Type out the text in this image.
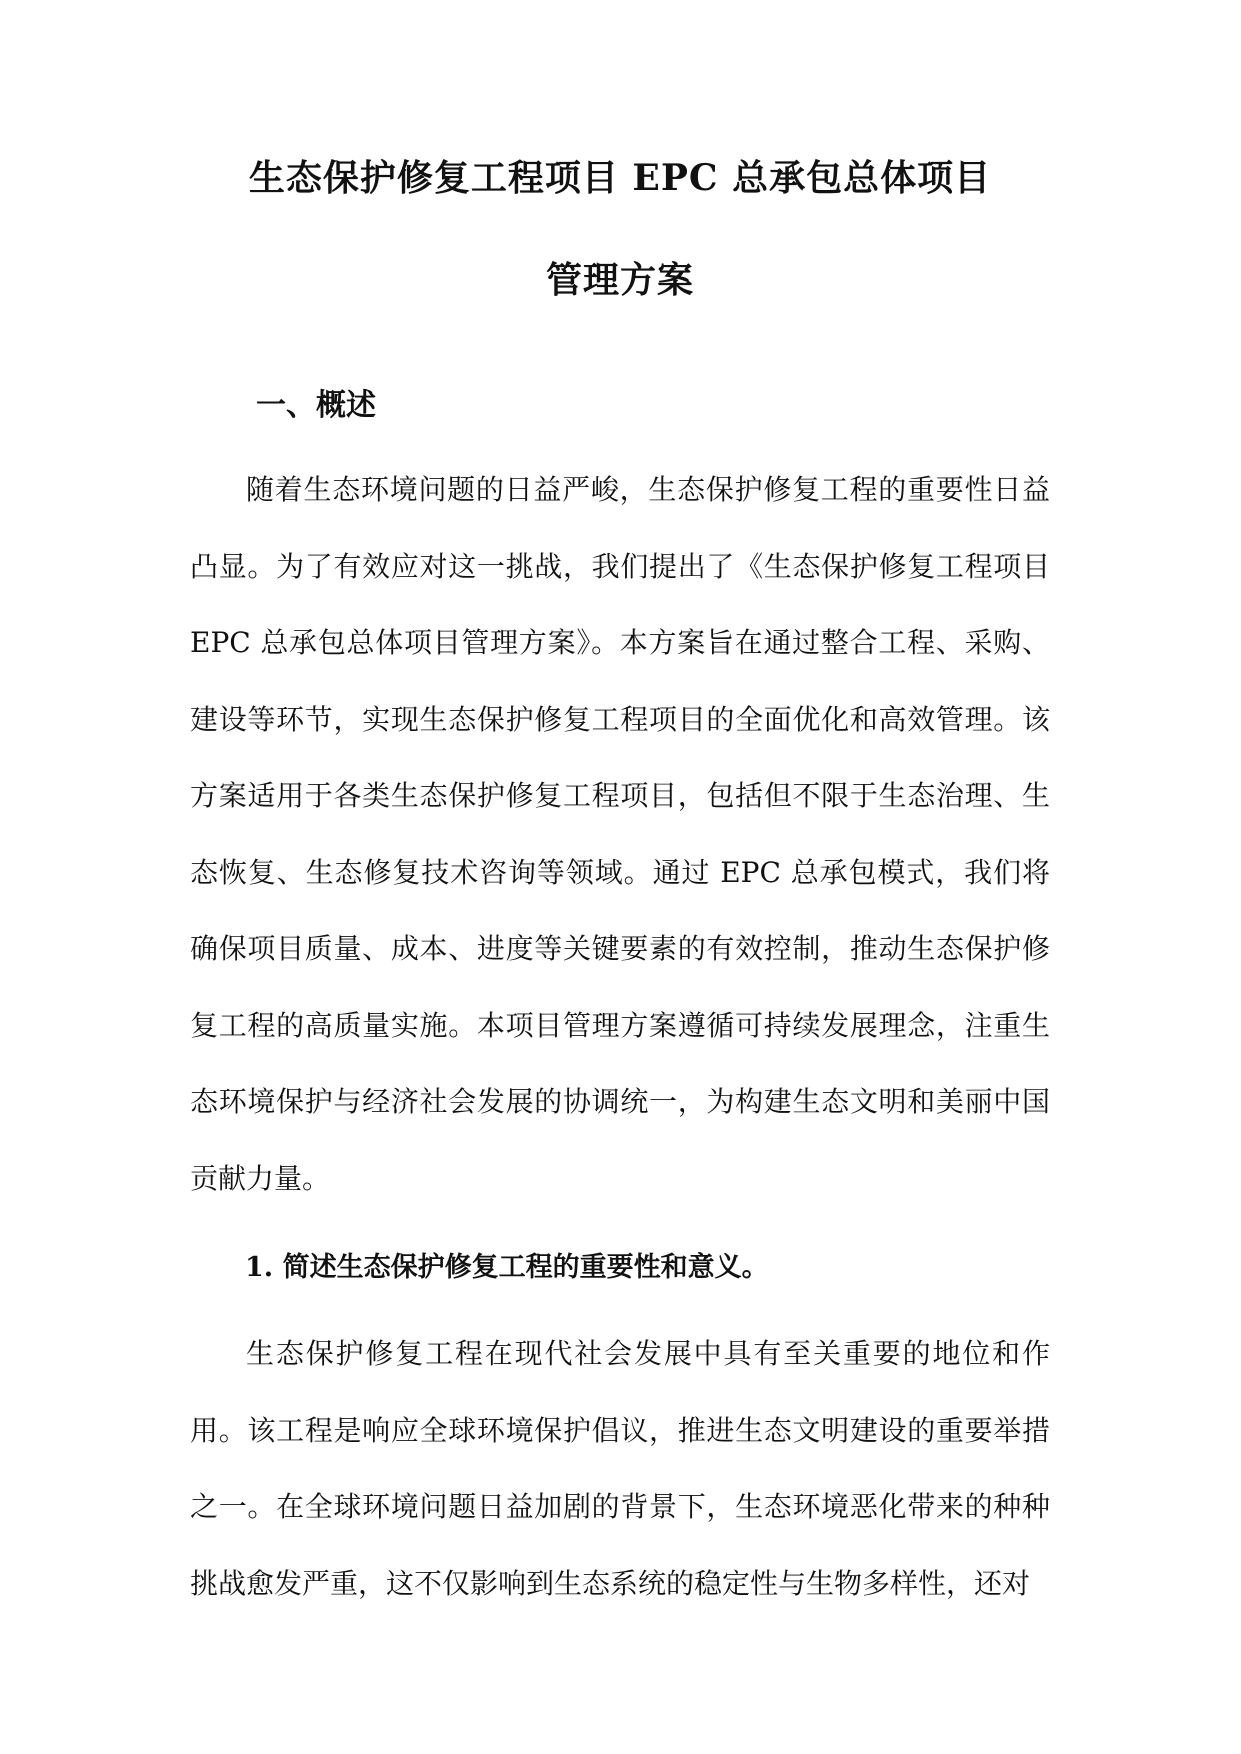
生态保护修复工程项目 EPC 总承包总体项目
管理方案
一、概述
随着生态环境问题的日益严峻，生态保护修复工程的重要性日益凸显。为了有效应对这一挑战，我们提出了《生态保护修复工程项目EPC 总承包总体项目管理方案》。本方案旨在通过整合工程、采购、建设等环节，实现生态保护修复工程项目的全面优化和高效管理。该方案适用于各类生态保护修复工程项目，包括但不限于生态治理、生态恢复、生态修复技术咨询等领域。通过 EPC 总承包模式，我们将确保项目质量、成本、进度等关键要素的有效控制，推动生态保护修复工程的高质量实施。本项目管理方案遵循可持续发展理念，注重生态环境保护与经济社会发展的协调统一，为构建生态文明和美丽中国贡献力量。
1. 简述生态保护修复工程的重要性和意义。
生态保护修复工程在现代社会发展中具有至关重要的地位和作用。该工程是响应全球环境保护倡议，推进生态文明建设的重要举措之一。在全球环境问题日益加剧的背景下，生态环境恶化带来的种种挑战愈发严重，这不仅影响到生态系统的稳定性与生物多样性，还对
